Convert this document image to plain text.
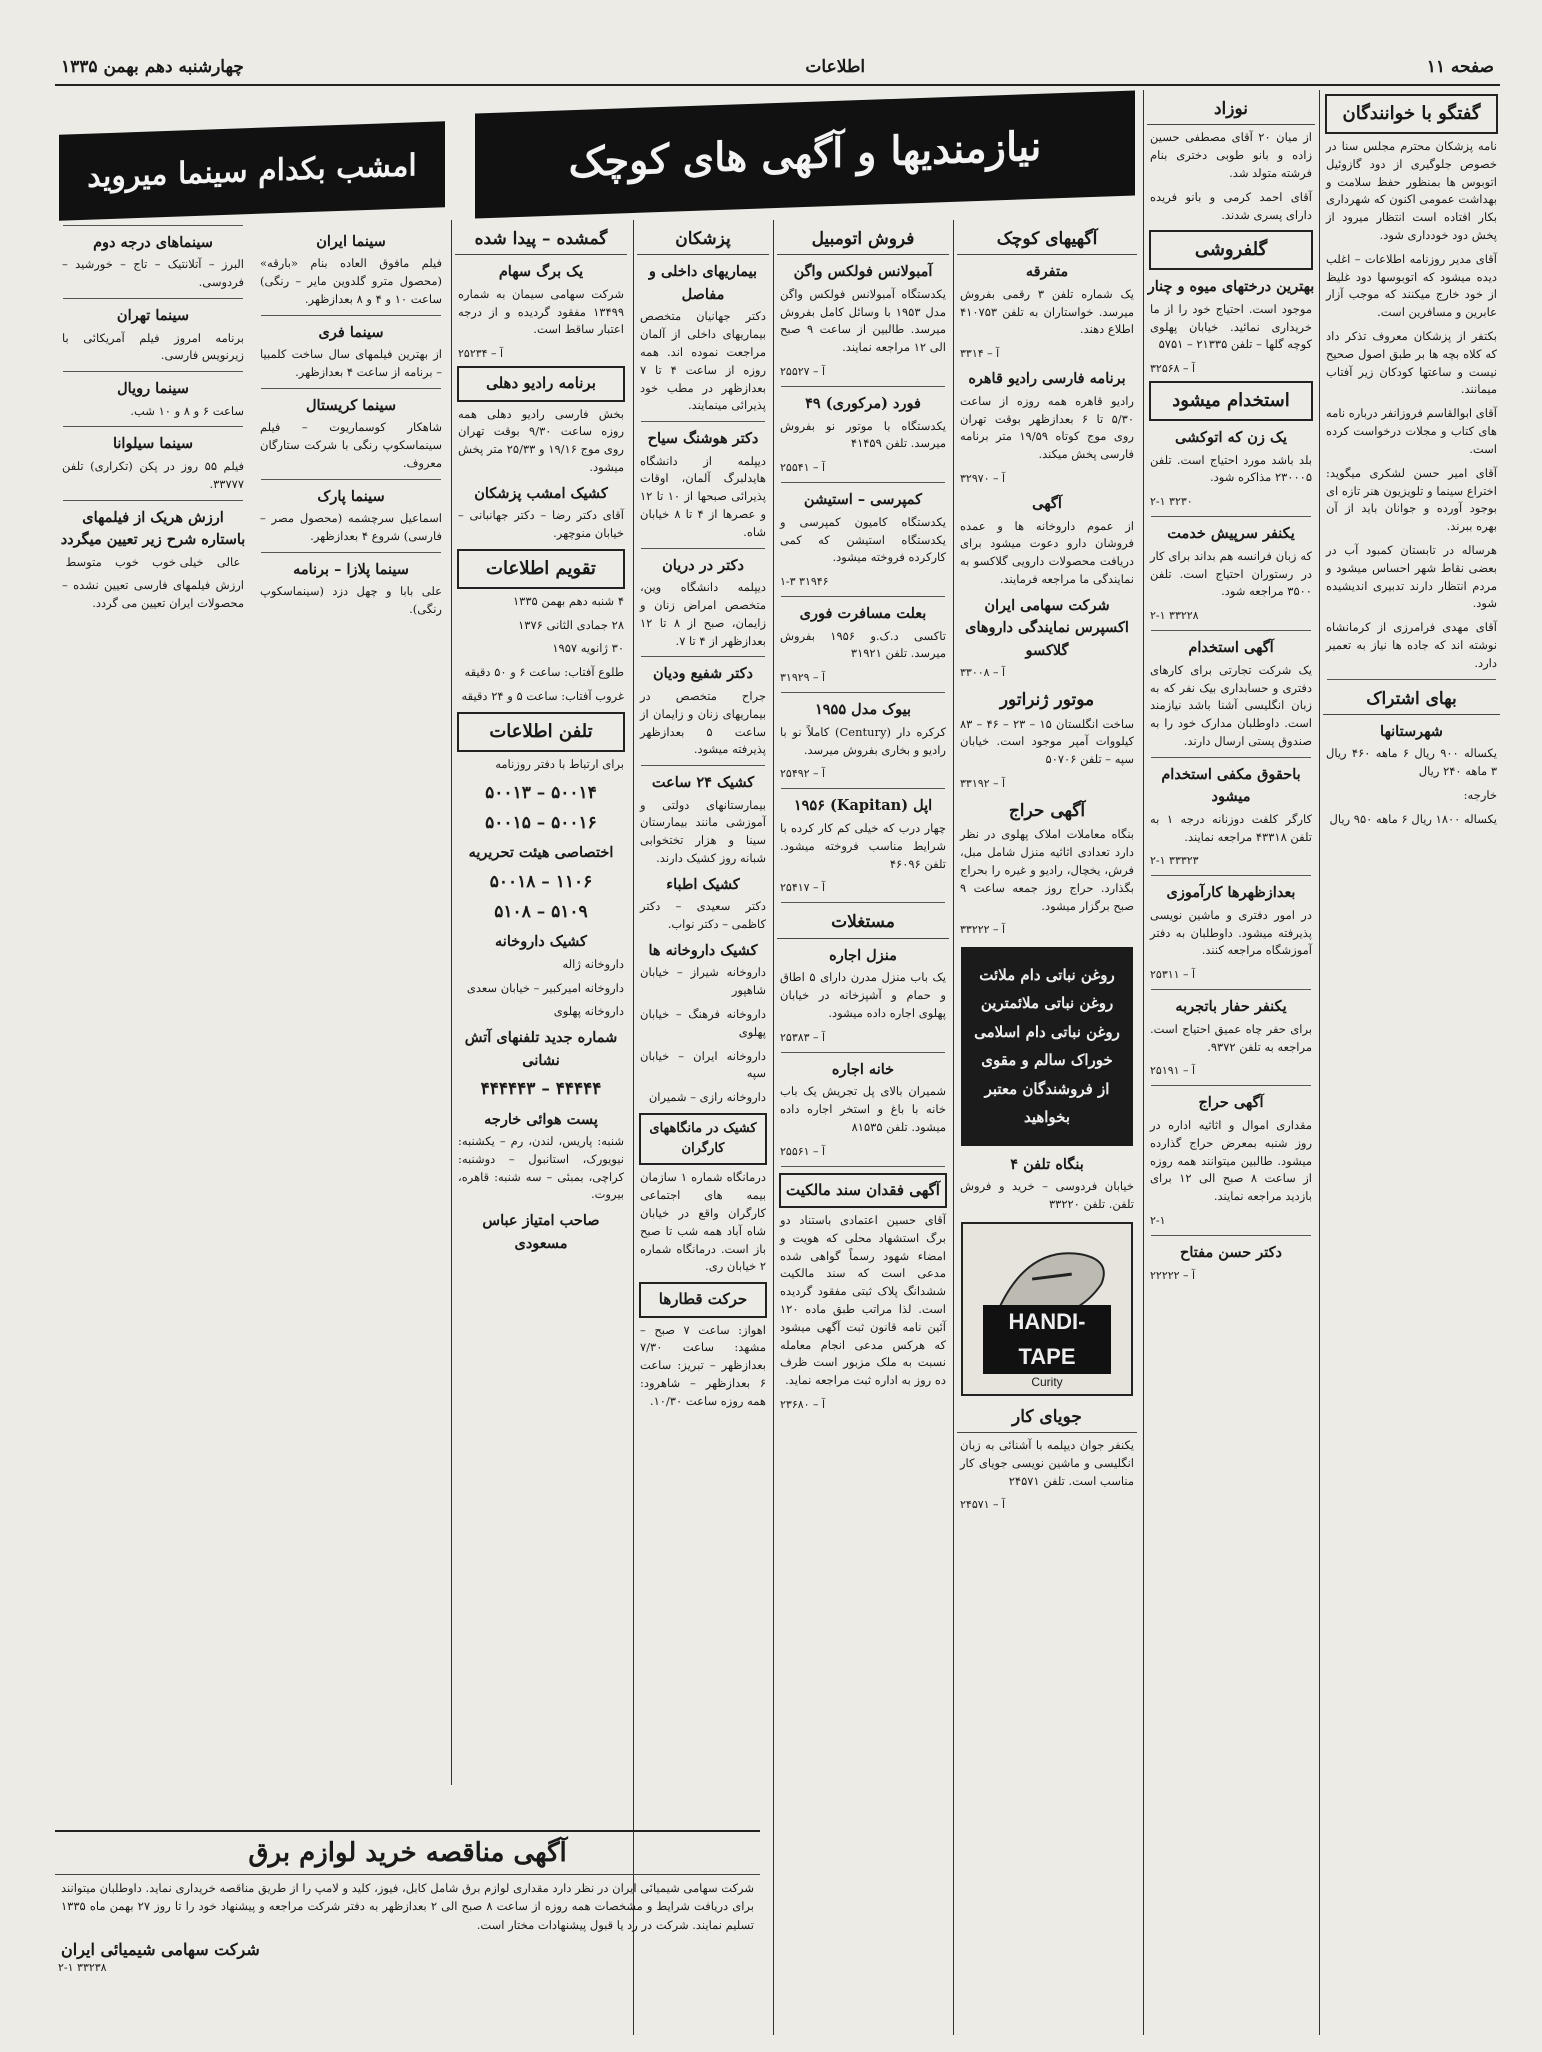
صفحه ۱۱
اطلاعات
چهارشنبه دهم بهمن ۱۳۳۵
گفتگو با خوانندگان
نامه پزشکان محترم مجلس سنا در خصوص جلوگیری از دود گازوئیل اتوبوس ها بمنظور حفظ سلامت و بهداشت عمومی اکنون که شهرداری بکار افتاده است انتظار میرود از پخش دود خودداری شود.
آقای مدیر روزنامه اطلاعات – اغلب دیده میشود که اتوبوسها دود غلیظ از خود خارج میکنند که موجب آزار عابرین و مسافرین است.
بکتفر از پزشکان معروف تذکر داد که کلاه بچه ها بر طبق اصول صحیح نیست و ساعتها کودکان زیر آفتاب میمانند.
آقای ابوالقاسم فروزانفر درباره نامه های کتاب و مجلات درخواست کرده است.
آقای امیر حسن لشکری میگوید: اختراع سینما و تلویزیون هنر تازه ای بوجود آورده و جوانان باید از آن بهره ببرند.
هرساله در تابستان کمبود آب در بعضی نقاط شهر احساس میشود و مردم انتظار دارند تدبیری اندیشیده شود.
آقای مهدی فرامرزی از کرمانشاه نوشته اند که جاده ها نیاز به تعمیر دارد.
بهای اشتراک
شهرستانها
یکساله ۹۰۰ ریال ۶ ماهه ۴۶۰ ریال ۳ ماهه ۲۴۰ ریال
خارجه:
یکساله ۱۸۰۰ ریال ۶ ماهه ۹۵۰ ریال
نوزاد
از میان ۲۰ آقای مصطفی حسین زاده و بانو طوبی دختری بنام فرشته متولد شد.
آقای احمد کرمی و بانو فریده دارای پسری شدند.
گلفروشی
بهترین درختهای میوه و چنار
موجود است. احتیاج خود را از ما خریداری نمائید. خیابان پهلوی کوچه گلها – تلفن ۲۱۳۳۵ – ۵۷۵۱
آ – ۳۲۵۶۸
استخدام میشود
یک زن که اتوکشی
بلد باشد مورد احتیاج است. تلفن ۲۳۰۰۰۵ مذاکره شود.
۲-۱ ۳۲۳۰
یکنفر سرپیش خدمت
که زبان فرانسه هم بداند برای کار در رستوران احتیاج است. تلفن ۳۵۰۰ مراجعه شود.
۲-۱ ۳۳۲۲۸
آگهی استخدام
یک شرکت تجارتی برای کارهای دفتری و حسابداری بیک نفر که به زبان انگلیسی آشنا باشد نیازمند است. داوطلبان مدارک خود را به صندوق پستی ارسال دارند.
باحقوق مکفی استخدام میشود
کارگر کلفت دوزنانه درجه ۱ به تلفن ۴۳۳۱۸ مراجعه نمایند.
۲-۱ ۳۳۳۲۳
بعدازظهرها کارآموزی
در امور دفتری و ماشین نویسی پذیرفته میشود. داوطلبان به دفتر آموزشگاه مراجعه کنند.
آ – ۲۵۳۱۱
یکنفر حفار باتجربه
برای حفر چاه عمیق احتیاج است. مراجعه به تلفن ۹۳۷۲.
آ – ۲۵۱۹۱
آگهی حراج
مقداری اموال و اثاثیه اداره در روز شنبه بمعرض حراج گذارده میشود. طالبین میتوانند همه روزه از ساعت ۸ صبح الی ۱۲ برای بازدید مراجعه نمایند.
۲-۱
دکتر حسن مفتاح
آ – ۲۲۲۲۲
نیازمندیها و آگهی های کوچک
آگهیهای کوچک
متفرقه
یک شماره تلفن ۳ رقمی بفروش میرسد. خواستاران به تلفن ۴۱۰۷۵۳ اطلاع دهند.
آ – ۳۳۱۴
برنامه فارسی رادیو قاهره
رادیو قاهره همه روزه از ساعت ۵/۳۰ تا ۶ بعدازظهر بوقت تهران روی موج کوتاه ۱۹/۵۹ متر برنامه فارسی پخش میکند.
آ – ۳۲۹۷۰
آگهی
از عموم داروخانه ها و عمده فروشان دارو دعوت میشود برای دریافت محصولات دارویی گلاکسو به نمایندگی ما مراجعه فرمایند.
شرکت سهامی ایران اکسپرس نمایندگی داروهای گلاکسو
آ – ۳۳۰۰۸
موتور ژنراتور
ساخت انگلستان ۱۵ – ۲۳ – ۴۶ – ۸۳ کیلووات آمپر موجود است. خیابان سپه – تلفن ۵۰۷۰۶
آ – ۳۳۱۹۲
آگهی حراج
بنگاه معاملات املاک پهلوی در نظر دارد تعدادی اثاثیه منزل شامل مبل، فرش، یخچال، رادیو و غیره را بحراج بگذارد. حراج روز جمعه ساعت ۹ صبح برگزار میشود.
آ – ۳۳۲۲۲
روغن نباتی دام ملائت
روغن نباتی ملائمترین
روغن نباتی دام اسلامی
خوراک سالم و مقوی
از فروشندگان معتبر بخواهید
بنگاه تلفن ۴
خیابان فردوسی – خرید و فروش تلفن. تلفن ۳۳۲۲۰
HANDI-TAPE
Curity
جویای کار
یکنفر جوان دیپلمه با آشنائی به زبان انگلیسی و ماشین نویسی جویای کار مناسب است. تلفن ۲۴۵۷۱
آ – ۲۴۵۷۱
فروش اتومبیل
آمبولانس فولکس واگن
یکدستگاه آمبولانس فولکس واگن مدل ۱۹۵۳ با وسائل کامل بفروش میرسد. طالبین از ساعت ۹ صبح الی ۱۲ مراجعه نمایند.
آ – ۲۵۵۲۷
فورد (مرکوری) ۴۹
یکدستگاه با موتور نو بفروش میرسد. تلفن ۴۱۴۵۹
آ – ۲۵۵۴۱
کمپرسی – استیشن
یکدستگاه کامیون کمپرسی و یکدستگاه استیشن که کمی کارکرده فروخته میشود.
۱-۳ ۳۱۹۴۶
بعلت مسافرت فوری
تاکسی د.ک.و ۱۹۵۶ بفروش میرسد. تلفن ۳۱۹۲۱
آ – ۳۱۹۲۹
بیوک مدل ۱۹۵۵
کرکره دار (Century) کاملاً نو با رادیو و بخاری بفروش میرسد.
آ – ۲۵۴۹۲
اپل (Kapitan) ۱۹۵۶
چهار درب که خیلی کم کار کرده با شرایط مناسب فروخته میشود. تلفن ۴۶۰۹۶
آ – ۲۵۴۱۷
مستغلات
منزل اجاره
یک باب منزل مدرن دارای ۵ اطاق و حمام و آشپزخانه در خیابان پهلوی اجاره داده میشود.
آ – ۲۵۳۸۳
خانه اجاره
شمیران بالای پل تجریش یک باب خانه با باغ و استخر اجاره داده میشود. تلفن ۸۱۵۳۵
آ – ۲۵۵۶۱
آگهی فقدان سند مالکیت
آقای حسین اعتمادی باستناد دو برگ استشهاد محلی که هویت و امضاء شهود رسماً گواهی شده مدعی است که سند مالکیت ششدانگ پلاک ثبتی مفقود گردیده است. لذا مراتب طبق ماده ۱۲۰ آئین نامه قانون ثبت آگهی میشود که هرکس مدعی انجام معامله نسبت به ملک مزبور است ظرف ده روز به اداره ثبت مراجعه نماید.
آ – ۲۳۶۸۰
پزشکان
بیماریهای داخلی و مفاصل
دکتر جهانیان متخصص بیماریهای داخلی از آلمان مراجعت نموده اند. همه روزه از ساعت ۴ تا ۷ بعدازظهر در مطب خود پذیرائی مینمایند.
دکتر هوشنگ سیاح
دیپلمه از دانشگاه هایدلبرگ آلمان، اوقات پذیرائی صبحها از ۱۰ تا ۱۲ و عصرها از ۴ تا ۸ خیابان شاه.
دکتر در دریان
دیپلمه دانشگاه وین، متخصص امراض زنان و زایمان، صبح از ۸ تا ۱۲ بعدازظهر از ۴ تا ۷.
دکتر شفیع ودیان
جراح متخصص در بیماریهای زنان و زایمان از ساعت ۵ بعدازظهر پذیرفته میشود.
کشیک ۲۴ ساعت
بیمارستانهای دولتی و آموزشی مانند بیمارستان سینا و هزار تختخوابی شبانه روز کشیک دارند.
کشیک اطباء
دکتر سعیدی – دکتر کاظمی – دکتر نواب.
کشیک داروخانه ها
داروخانه شیراز – خیابان شاهپور
داروخانه فرهنگ – خیابان پهلوی
داروخانه ایران – خیابان سپه
داروخانه رازی – شمیران
کشیک در مانگاههای کارگران
درمانگاه شماره ۱ سازمان بیمه های اجتماعی کارگران واقع در خیابان شاه آباد همه شب تا صبح باز است. درمانگاه شماره ۲ خیابان ری.
حرکت قطارها
اهواز: ساعت ۷ صبح – مشهد: ساعت ۷/۳۰ بعدازظهر – تبریز: ساعت ۶ بعدازظهر – شاهرود: همه روزه ساعت ۱۰/۳۰.
گمشده – پیدا شده
یک برگ سهام
شرکت سهامی سیمان به شماره ۱۳۴۹۹ مفقود گردیده و از درجه اعتبار ساقط است.
آ – ۲۵۲۳۴
برنامه رادیو دهلی
بخش فارسی رادیو دهلی همه روزه ساعت ۹/۳۰ بوقت تهران روی موج ۱۹/۱۶ و ۲۵/۳۳ متر پخش میشود.
کشیک امشب پزشکان
آقای دکتر رضا – دکتر جهانبانی – خیابان منوچهر.
تقویم اطلاعات
۴ شنبه دهم بهمن ۱۳۳۵
۲۸ جمادی الثانی ۱۳۷۶
۳۰ ژانویه ۱۹۵۷
طلوع آفتاب: ساعت ۶ و ۵۰ دقیقه
غروب آفتاب: ساعت ۵ و ۲۴ دقیقه
تلفن اطلاعات
برای ارتباط با دفتر روزنامه
۵۰۰۱۳ – ۵۰۰۱۴
۵۰۰۱۵ – ۵۰۰۱۶
اختصاصی هیئت تحریریه
۵۰۰۱۸ – ۱۱۰۶
۵۱۰۸ – ۵۱۰۹
کشیک داروخانه
داروخانه ژاله
داروخانه امیرکبیر – خیابان سعدی
داروخانه پهلوی
شماره جدید تلفنهای آتش نشانی
۴۴۴۴۴۳ – ۴۴۴۴۴
پست هوائی خارجه
شنبه: پاریس، لندن، رم – یکشنبه: نیویورک، استانبول – دوشنبه: کراچی، بمبئی – سه شنبه: قاهره، بیروت.
صاحب امتیاز عباس مسعودی
امشب بکدام سینما میروید
سینما ایران
فیلم مافوق العاده بنام «بارقه» (محصول مترو گلدوین مایر – رنگی) ساعت ۱۰ و ۴ و ۸ بعدازظهر.
سینما فری
از بهترین فیلمهای سال ساخت کلمبیا – برنامه از ساعت ۴ بعدازظهر.
سینما کریستال
شاهکار کوسماریوت – فیلم سینماسکوپ رنگی با شرکت ستارگان معروف.
سینما پارک
اسماعیل سرچشمه (محصول مصر – فارسی) شروع ۴ بعدازظهر.
سینما پلازا – برنامه
علی بابا و چهل دزد (سینماسکوپ رنگی).
سینماهای درجه دوم
البرز – آتلانتیک – تاج – خورشید – فردوسی.
سینما تهران
برنامه امروز فیلم آمریکائی با زیرنویس فارسی.
سینما رویال
ساعت ۶ و ۸ و ۱۰ شب.
سینما سیلوانا
فیلم ۵۵ روز در پکن (تکراری) تلفن ۳۳۷۷۷.
ارزش هریک از فیلمهای باستاره شرح زیر تعیین میگردد
عالی
خیلی خوب
خوب
متوسط
ارزش فیلمهای فارسی تعیین نشده – محصولات ایران تعیین می گردد.
آگهی مناقصه خرید لوازم برق
شرکت سهامی شیمیائی ایران در نظر دارد مقداری لوازم برق شامل کابل، فیوز، کلید و لامپ را از طریق مناقصه خریداری نماید. داوطلبان میتوانند برای دریافت شرایط و مشخصات همه روزه از ساعت ۸ صبح الی ۲ بعدازظهر به دفتر شرکت مراجعه و پیشنهاد خود را تا روز ۲۷ بهمن ماه ۱۳۳۵ تسلیم نمایند. شرکت در رد یا قبول پیشنهادات مختار است.
شرکت سهامی شیمیائی ایران
۲-۱ ۳۳۲۳۸
